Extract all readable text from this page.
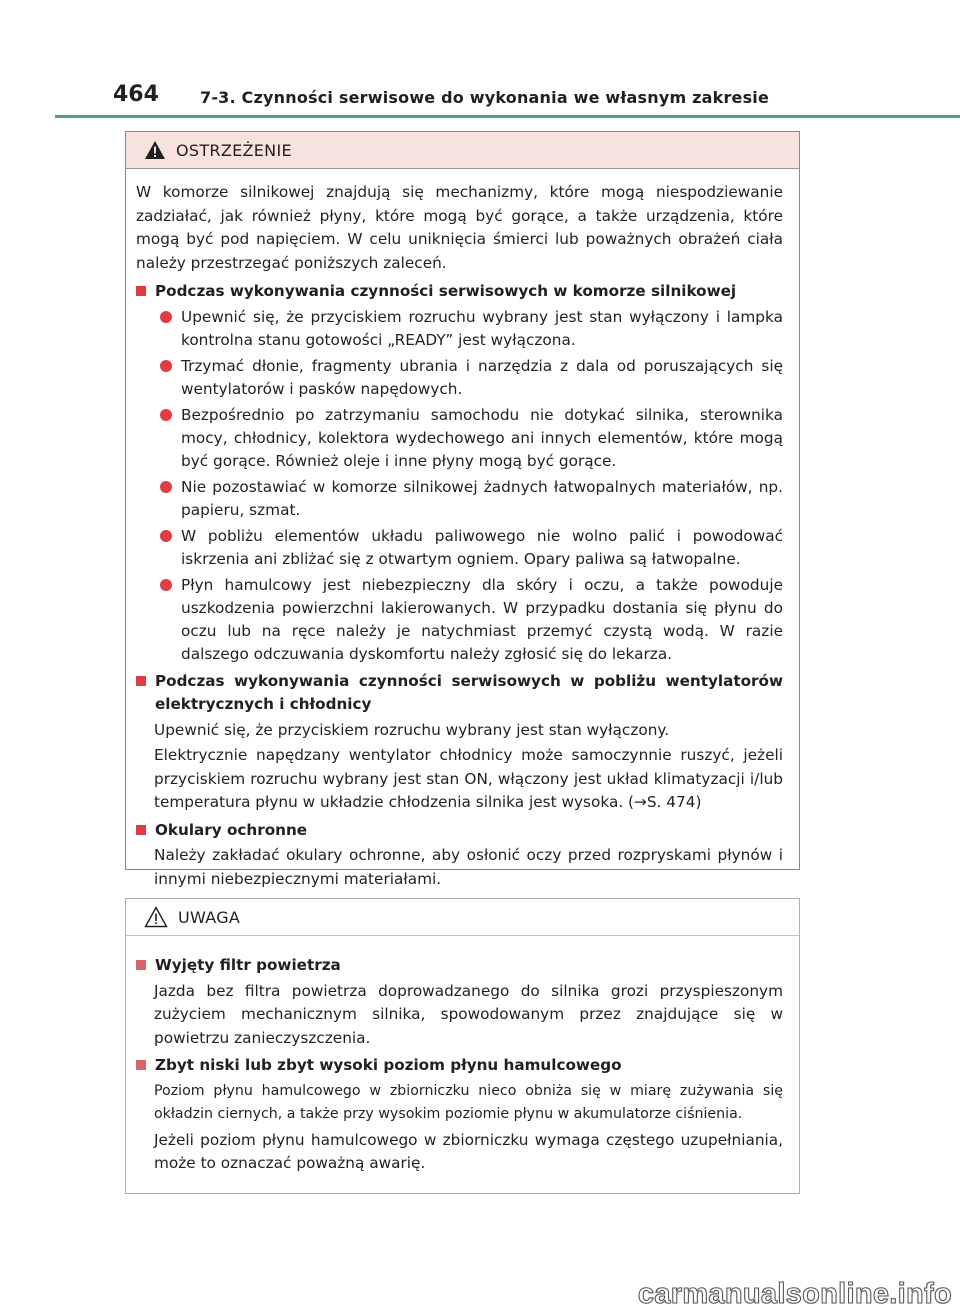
464	7-3. Czynności serwisowe do wykonania we własnym zakresie
OSTRZEŻENIE

W komorze silnikowej znajdują się mechanizmy, które mogą niespodziewanie zadziałać, jak również płyny, które mogą być gorące, a także urządzenia, które mogą być pod napięciem. W celu uniknięcia śmierci lub poważnych obrażeń ciała należy przestrzegać poniższych zaleceń.

Podczas wykonywania czynności serwisowych w komorze silnikowej
Upewnić się, że przyciskiem rozruchu wybrany jest stan wyłączony i lampka kontrolna stanu gotowości „READY” jest wyłączona.
Trzymać dłonie, fragmenty ubrania i narzędzia z dala od poruszających się wentylatorów i pasków napędowych.
Bezpośrednio po zatrzymaniu samochodu nie dotykać silnika, sterownika mocy, chłodnicy, kolektora wydechowego ani innych elementów, które mogą być gorące. Również oleje i inne płyny mogą być gorące.
Nie pozostawiać w komorze silnikowej żadnych łatwopalnych materiałów, np. papieru, szmat.
W pobliżu elementów układu paliwowego nie wolno palić i powodować iskrzenia ani zbliżać się z otwartym ogniem. Opary paliwa są łatwopalne.
Płyn hamulcowy jest niebezpieczny dla skóry i oczu, a także powoduje uszkodzenia powierzchni lakierowanych. W przypadku dostania się płynu do oczu lub na ręce należy je natychmiast przemyć czystą wodą. W razie dalszego odczuwania dyskomfortu należy zgłosić się do lekarza.
Podczas wykonywania czynności serwisowych w pobliżu wentylatorów elektrycznych i chłodnicy

Upewnić się, że przyciskiem rozruchu wybrany jest stan wyłączony.

Elektrycznie napędzany wentylator chłodnicy może samoczynnie ruszyć, jeżeli przyciskiem rozruchu wybrany jest stan ON, włączony jest układ klimatyzacji i/lub temperatura płynu w układzie chłodzenia silnika jest wysoka. (→S. 474)

Okulary ochronne

Należy zakładać okulary ochronne, aby osłonić oczy przed rozpryskami płynów i innymi niebezpiecznymi materiałami.

UWAGA
Wyjęty filtr powietrza

Jazda bez filtra powietrza doprowadzanego do silnika grozi przyspieszonym zużyciem mechanicznym silnika, spowodowanym przez znajdujące się w powietrzu zanieczyszczenia.

Zbyt niski lub zbyt wysoki poziom płynu hamulcowego

Poziom płynu hamulcowego w zbiorniczku nieco obniża się w miarę zużywania się okładzin ciernych, a także przy wysokim poziomie płynu w akumulatorze ciśnienia.

Jeżeli poziom płynu hamulcowego w zbiorniczku wymaga częstego uzupełniania, może to oznaczać poważną awarię.

carmanualsonline.info
